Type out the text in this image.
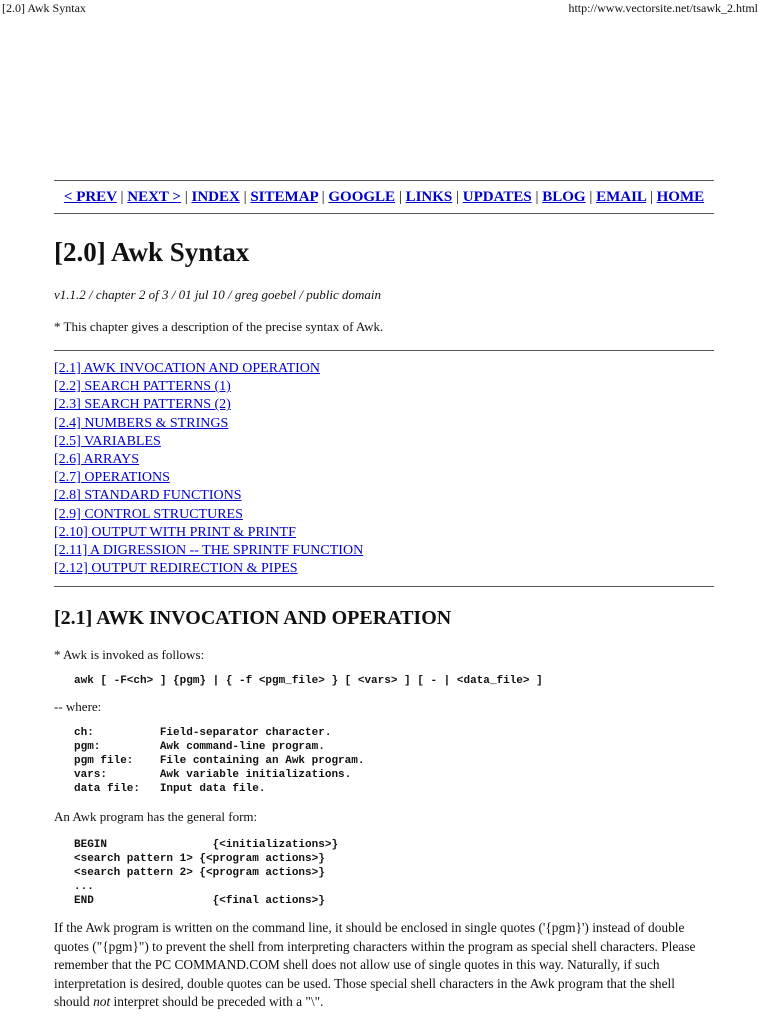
[2.0] Awk Syntax	http://www.vectorsite.net/tsawk_2.html
< PREV | NEXT > | INDEX | SITEMAP | GOOGLE | LINKS | UPDATES | BLOG | EMAIL | HOME
[2.0] Awk Syntax

v1.1.2 / chapter 2 of 3 / 01 jul 10 / greg goebel / public domain

* This chapter gives a description of the precise syntax of Awk.

[2.1] AWK INVOCATION AND OPERATION
[2.2] SEARCH PATTERNS (1)
[2.3] SEARCH PATTERNS (2)
[2.4] NUMBERS & STRINGS
[2.5] VARIABLES
[2.6] ARRAYS
[2.7] OPERATIONS
[2.8] STANDARD FUNCTIONS
[2.9] CONTROL STRUCTURES
[2.10] OUTPUT WITH PRINT & PRINTF
[2.11] A DIGRESSION -- THE SPRINTF FUNCTION
[2.12] OUTPUT REDIRECTION & PIPES
[2.1] AWK INVOCATION AND OPERATION

* Awk is invoked as follows:

awk [ -F<ch> ] {pgm} | { -f <pgm_file> } [ <vars> ] [ - | <data_file> ]

-- where:

ch:          Field-separator character.
pgm:         Awk command-line program.
pgm file:    File containing an Awk program.
vars:        Awk variable initializations.
data file:   Input data file.

An Awk program has the general form:

BEGIN                {<initializations>}
<search pattern 1> {<program actions>}
<search pattern 2> {<program actions>}
...
END                  {<final actions>}

If the Awk program is written on the command line, it should be enclosed in single quotes ('{pgm}') instead of double quotes ("{pgm}") to prevent the shell from interpreting characters within the program as special shell characters. Please remember that the PC COMMAND.COM shell does not allow use of single quotes in this way. Naturally, if such interpretation is desired, double quotes can be used. Those special shell characters in the Awk program that the shell should not interpret should be preceded with a "\".
